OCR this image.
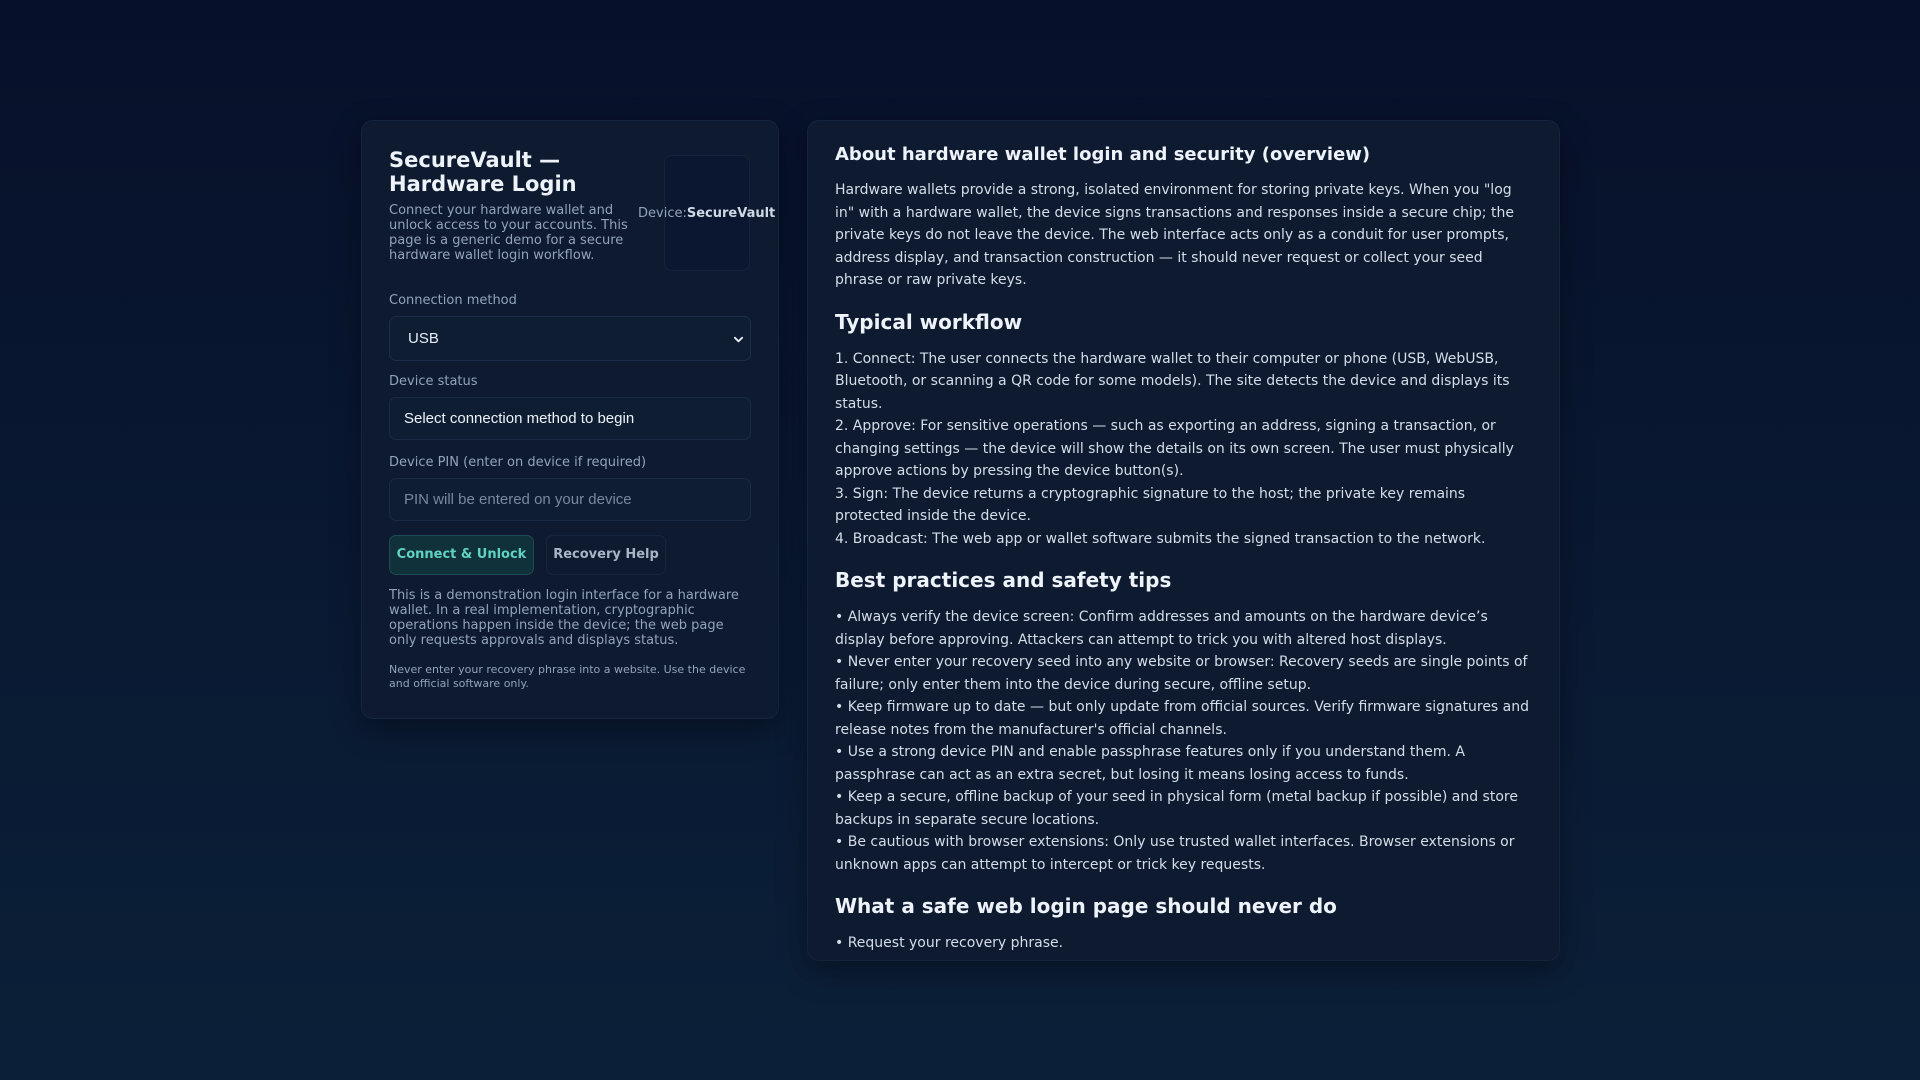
SecureVault — Hardware Login
Connect your hardware wallet and unlock access to your accounts. This page is a generic demo for a secure hardware wallet login workflow.
Device:SecureVault
Connection method
USB
Device status
Select connection method to begin
Device PIN (enter on device if required)
PIN will be entered on your device
Connect & Unlock	Recovery Help
This is a demonstration login interface for a hardware wallet. In a real implementation, cryptographic operations happen inside the device; the web page only requests approvals and displays status.
Never enter your recovery phrase into a website. Use the device and official software only.
About hardware wallet login and security (overview)

Hardware wallets provide a strong, isolated environment for storing private keys. When you "log in" with a hardware wallet, the device signs transactions and responses inside a secure chip; the private keys do not leave the device. The web interface acts only as a conduit for user prompts, address display, and transaction construction — it should never request or collect your seed phrase or raw private keys.

Typical workflow
1. Connect: The user connects the hardware wallet to their computer or phone (USB, WebUSB, Bluetooth, or scanning a QR code for some models). The site detects the device and displays its status.
2. Approve: For sensitive operations — such as exporting an address, signing a transaction, or changing settings — the device will show the details on its own screen. The user must physically approve actions by pressing the device button(s).
3. Sign: The device returns a cryptographic signature to the host; the private key remains protected inside the device.
4. Broadcast: The web app or wallet software submits the signed transaction to the network.
Best practices and safety tips
• Always verify the device screen: Confirm addresses and amounts on the hardware device’s display before approving. Attackers can attempt to trick you with altered host displays.
• Never enter your recovery seed into any website or browser: Recovery seeds are single points of failure; only enter them into the device during secure, offline setup.
• Keep firmware up to date — but only update from official sources. Verify firmware signatures and release notes from the manufacturer's official channels.
• Use a strong device PIN and enable passphrase features only if you understand them. A passphrase can act as an extra secret, but losing it means losing access to funds.
• Keep a secure, offline backup of your seed in physical form (metal backup if possible) and store backups in separate secure locations.
• Be cautious with browser extensions: Only use trusted wallet interfaces. Browser extensions or unknown apps can attempt to intercept or trick key requests.
What a safe web login page should never do
• Request your recovery phrase.
